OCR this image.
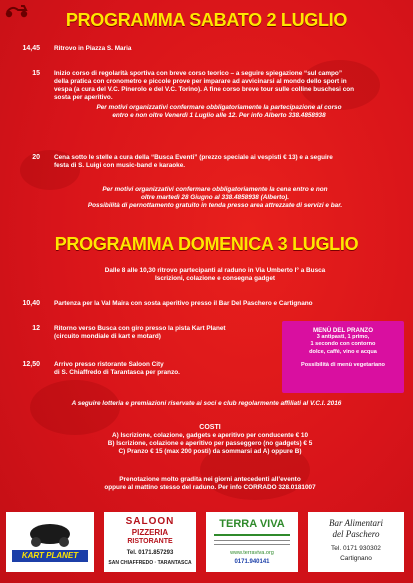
PROGRAMMA SABATO 2 LUGLIO
14,45 Ritrovo in Piazza S. Maria
15 Inizio corso di regolarità sportiva con breve corso teorico – a seguire spiegazione “sul campo”
della pratica con cronometro e piccole prove per imparare ad avvicinarsi al mondo dello sport in
vespa (a cura del V.C. Pinerolo e del V.C. Torino). A fine corso breve tour sulle colline buschesi con
sosta per aperitivo.
Per motivi organizzativi confermare obbligatoriamente la partecipazione al corso
entro e non oltre Venerdì 1 Luglio alle 12. Per info Alberto 338.4858938
20 Cena sotto le stelle a cura della “Busca Eventi” (prezzo speciale ai vespisti € 13) e a seguire
festa di S. Luigi con music-band e karaoke.
Per motivi organizzativi confermare obbligatoriamente la cena entro e non
oltre martedì 28 Giugno al 338.4858938 (Alberto).
Possibilità di pernottamento gratuito in tenda presso area attrezzate di servizi e bar.
PROGRAMMA DOMENICA 3 LUGLIO
Dalle 8 alle 10,30 ritrovo partecipanti al raduno in Via Umberto I° a Busca
Iscrizioni, colazione e consegna gadget
10,40 Partenza per la Val Maira con sosta aperitivo presso il Bar Del Paschero e Cartignano
12 Ritorno verso Busca con giro presso la pista Kart Planet
(circuito mondiale di kart e motard)
12,50 Arrivo presso ristorante Saloon City
di S. Chiaffredo di Tarantasca per pranzo.
MENÙ DEL PRANZO
3 antipasti, 1 primo,
1 secondo con contorno
dolce, caffè, vino e acqua
Possibilità di menù vegetariano
A seguire lotteria e premiazioni riservate ai soci e club regolarmente affiliati al V.C.I. 2016
COSTI
A) Iscrizione, colazione, gadgets e aperitivo per conducente € 10
B) Iscrizione, colazione e aperitivo per passeggero (no gadgets) € 5
C) Pranzo € 15 (max 200 posti) da sommarsi ad A) oppure B)
Prenotazione molto gradita nei giorni antecedenti all’evento
oppure al mattino stesso del raduno. Per info CORRADO 328.0181007
KART PLANET
SALOON
PIZZERIA
RISTORANTE
Tel. 0171.857293
SAN CHIAFFREDO · TARANTASCA
TERRA VIVA
www.terraviva.org
0171.940141
Bar Alimentari
del Paschero
Tel. 0171 930302
Cartignano
